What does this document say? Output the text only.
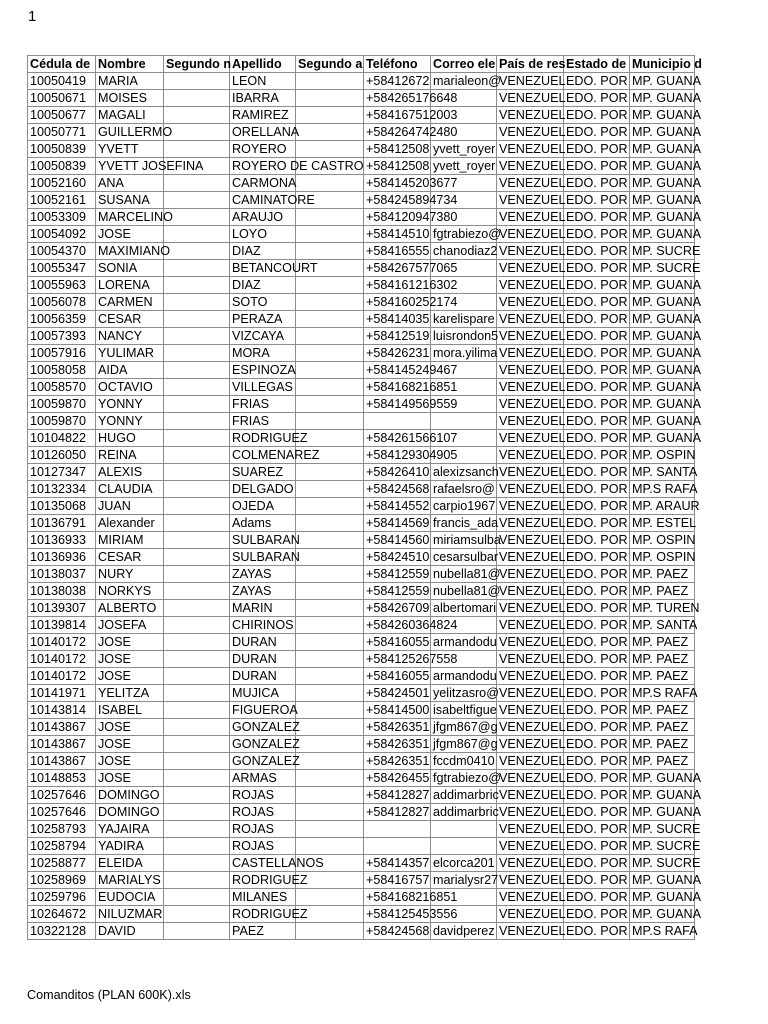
1
Cédula de	Nombre	Segundo n	Apellido	Segundo a	Teléfono	Correo ele	País de res	Estado de	Municipio d
10050419	MARIA		LEON		+58412672	marialeon@	VENEZUEL	EDO. POR	MP. GUANA
10050671	MOISES		IBARRA		+584265176648		VENEZUEL	EDO. POR	MP. GUANA
10050677	MAGALI		RAMIREZ		+584167512003		VENEZUEL	EDO. POR	MP. GUANA
10050771	GUILLERMO		ORELLANA		+584264742480		VENEZUEL	EDO. POR	MP. GUANA
10050839	YVETT		ROYERO		+58412508	yvett_royer	VENEZUEL	EDO. POR	MP. GUANA
10050839	YVETT JOSEFINA		ROYERO DE CASTRO		+58412508	yvett_royer	VENEZUEL	EDO. POR	MP. GUANA
10052160	ANA		CARMONA		+584145203677		VENEZUEL	EDO. POR	MP. GUANA
10052161	SUSANA		CAMINATORE		+584245894734		VENEZUEL	EDO. POR	MP. GUANA
10053309	MARCELINO		ARAUJO		+584120947380		VENEZUEL	EDO. POR	MP. GUANA
10054092	JOSE		LOYO		+58414510	fgtrabiezo@	VENEZUEL	EDO. POR	MP. GUANA
10054370	MAXIMIANO		DIAZ		+58416555	chanodiaz2	VENEZUEL	EDO. POR	MP. SUCRE
10055347	SONIA		BETANCOURT		+584267577065		VENEZUEL	EDO. POR	MP. SUCRE
10055963	LORENA		DIAZ		+584161216302		VENEZUEL	EDO. POR	MP. GUANA
10056078	CARMEN		SOTO		+584160252174		VENEZUEL	EDO. POR	MP. GUANA
10056359	CESAR		PERAZA		+58414035	karelispare	VENEZUEL	EDO. POR	MP. GUANA
10057393	NANCY		VIZCAYA		+58412519	luisrondon5	VENEZUEL	EDO. POR	MP. GUANA
10057916	YULIMAR		MORA		+58426231	mora.yilima	VENEZUEL	EDO. POR	MP. GUANA
10058058	AIDA		ESPINOZA		+584145249467		VENEZUEL	EDO. POR	MP. GUANA
10058570	OCTAVIO		VILLEGAS		+584168216851		VENEZUEL	EDO. POR	MP. GUANA
10059870	YONNY		FRIAS		+584149569559		VENEZUEL	EDO. POR	MP. GUANA
10059870	YONNY		FRIAS				VENEZUEL	EDO. POR	MP. GUANA
10104822	HUGO		RODRIGUEZ		+584261566107		VENEZUEL	EDO. POR	MP. GUANA
10126050	REINA		COLMENAREZ		+584129304905		VENEZUEL	EDO. POR	MP. OSPIN
10127347	ALEXIS		SUAREZ		+58426410	alexizsanch	VENEZUEL	EDO. POR	MP. SANTA
10132334	CLAUDIA		DELGADO		+58424568	rafaelsro@	VENEZUEL	EDO. POR	MP.S RAFA
10135068	JUAN		OJEDA		+58414552	carpio1967	VENEZUEL	EDO. POR	MP. ARAUR
10136791	Alexander		Adams		+58414569	francis_ada	VENEZUEL	EDO. POR	MP. ESTEL
10136933	MIRIAM		SULBARAN		+58414560	miriamsulba	VENEZUEL	EDO. POR	MP. OSPIN
10136936	CESAR		SULBARAN		+58424510	cesarsulbar	VENEZUEL	EDO. POR	MP. OSPIN
10138037	NURY		ZAYAS		+58412559	nubella81@	VENEZUEL	EDO. POR	MP. PAEZ
10138038	NORKYS		ZAYAS		+58412559	nubella81@	VENEZUEL	EDO. POR	MP. PAEZ
10139307	ALBERTO		MARIN		+58426709	albertomari	VENEZUEL	EDO. POR	MP. TUREN
10139814	JOSEFA		CHIRINOS		+584260364824		VENEZUEL	EDO. POR	MP. SANTA
10140172	JOSE		DURAN		+58416055	armandodu	VENEZUEL	EDO. POR	MP. PAEZ
10140172	JOSE		DURAN		+584125267558		VENEZUEL	EDO. POR	MP. PAEZ
10140172	JOSE		DURAN		+58416055	armandodu	VENEZUEL	EDO. POR	MP. PAEZ
10141971	YELITZA		MUJICA		+58424501	yelitzasro@	VENEZUEL	EDO. POR	MP.S RAFA
10143814	ISABEL		FIGUEROA		+58414500	isabeltfigue	VENEZUEL	EDO. POR	MP. PAEZ
10143867	JOSE		GONZALEZ		+58426351	jfgm867@g	VENEZUEL	EDO. POR	MP. PAEZ
10143867	JOSE		GONZALEZ		+58426351	jfgm867@g	VENEZUEL	EDO. POR	MP. PAEZ
10143867	JOSE		GONZALEZ		+58426351	fccdm0410	VENEZUEL	EDO. POR	MP. PAEZ
10148853	JOSE		ARMAS		+58426455	fgtrabiezo@	VENEZUEL	EDO. POR	MP. GUANA
10257646	DOMINGO		ROJAS		+58412827	addimarbric	VENEZUEL	EDO. POR	MP. GUANA
10257646	DOMINGO		ROJAS		+58412827	addimarbric	VENEZUEL	EDO. POR	MP. GUANA
10258793	YAJAIRA		ROJAS				VENEZUEL	EDO. POR	MP. SUCRE
10258794	YADIRA		ROJAS				VENEZUEL	EDO. POR	MP. SUCRE
10258877	ELEIDA		CASTELLANOS		+58414357	elcorca201	VENEZUEL	EDO. POR	MP. SUCRE
10258969	MARIALYS		RODRIGUEZ		+58416757	marialysr27	VENEZUEL	EDO. POR	MP. GUANA
10259796	EUDOCIA		MILANES		+584168216851		VENEZUEL	EDO. POR	MP. GUANA
10264672	NILUZMAR		RODRIGUEZ		+584125453556		VENEZUEL	EDO. POR	MP. GUANA
10322128	DAVID		PAEZ		+58424568	davidperez	VENEZUEL	EDO. POR	MP.S RAFA
Comanditos (PLAN 600K).xls
